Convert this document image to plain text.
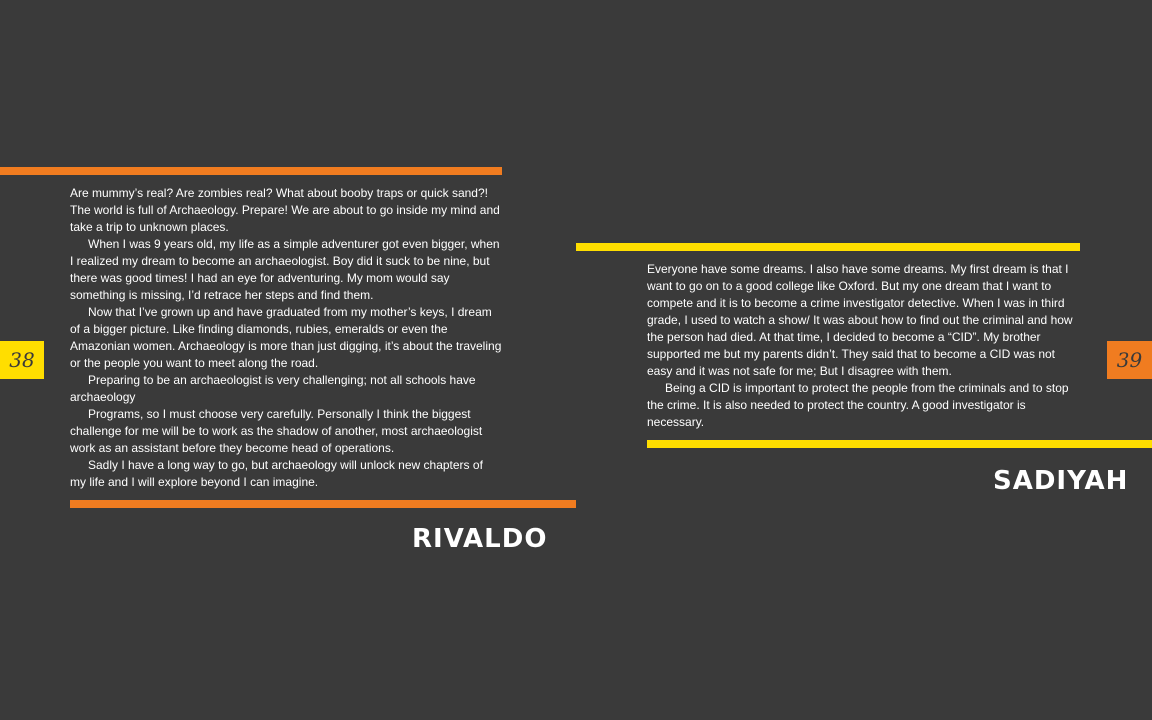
Are mummy’s real? Are zombies real? What about booby traps or quick sand?! The world is full of Archaeology. Prepare! We are about to go inside my mind and take a trip to unknown places.

When I was 9 years old, my life as a simple adventurer got even bigger, when I realized my dream to become an archaeologist. Boy did it suck to be nine, but there was good times! I had an eye for adventuring. My mom would say something is missing, I’d retrace her steps and find them.

Now that I’ve grown up and have graduated from my mother’s keys, I dream of a bigger picture. Like finding diamonds, rubies, emeralds or even the Amazonian women. Archaeology is more than just digging, it’s about the traveling or the people you want to meet along the road.

Preparing to be an archaeologist is very challenging; not all schools have archaeology

Programs, so I must choose very carefully. Personally I think the biggest challenge for me will be to work as the shadow of another, most archaeologist work as an assistant before they become head of operations.

Sadly I have a long way to go, but archaeology will unlock new chapters of my life and I will explore beyond I can imagine.

38
RIVALDO

Everyone have some dreams. I also have some dreams. My first dream is that I want to go on to a good college like Oxford. But my one dream that I want to compete and it is to become a crime investigator detective. When I was in third grade, I used to watch a show/ It was about how to find out the criminal and how the person had died. At that time, I decided to become a “CID”. My brother supported me but my parents didn’t. They said that to become a CID was not easy and it was not safe for me; But I disagree with them.

Being a CID is important to protect the people from the criminals and to stop the crime. It is also needed to protect the country. A good investigator is necessary.

39
SADIYAH
